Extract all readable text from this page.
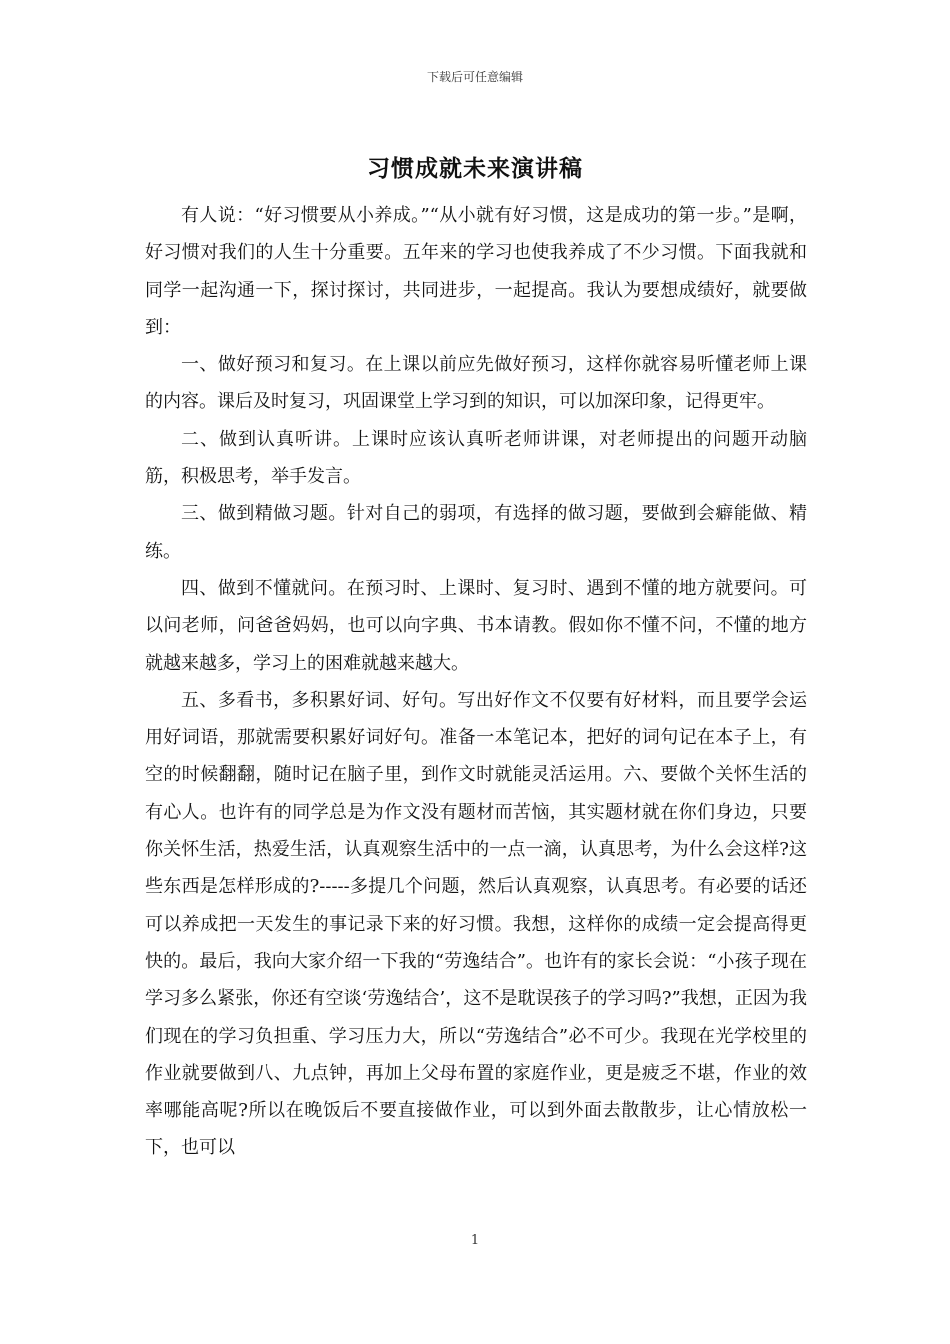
下载后可任意编辑
习惯成就未来演讲稿

有人说：“好习惯要从小养成。”“从小就有好习惯，这是成功的第一步。”是啊，好习惯对我们的人生十分重要。五年来的学习也使我养成了不少习惯。下面我就和同学一起沟通一下，探讨探讨，共同进步，一起提高。我认为要想成绩好，就要做到：

一、做好预习和复习。在上课以前应先做好预习，这样你就容易听懂老师上课的内容。课后及时复习，巩固课堂上学习到的知识，可以加深印象，记得更牢。

二、做到认真听讲。上课时应该认真听老师讲课，对老师提出的问题开动脑筋，积极思考，举手发言。

三、做到精做习题。针对自己的弱项，有选择的做习题，要做到会癖能做、精练。

四、做到不懂就问。在预习时、上课时、复习时、遇到不懂的地方就要问。可以问老师，问爸爸妈妈，也可以向字典、书本请教。假如你不懂不问，不懂的地方就越来越多，学习上的困难就越来越大。

五、多看书，多积累好词、好句。写出好作文不仅要有好材料，而且要学会运用好词语，那就需要积累好词好句。准备一本笔记本，把好的词句记在本子上，有空的时候翻翻，随时记在脑子里，到作文时就能灵活运用。六、要做个关怀生活的有心人。也许有的同学总是为作文没有题材而苦恼，其实题材就在你们身边，只要你关怀生活，热爱生活，认真观察生活中的一点一滴，认真思考，为什么会这样?这些东西是怎样形成的?-----多提几个问题，然后认真观察，认真思考。有必要的话还可以养成把一天发生的事记录下来的好习惯。我想，这样你的成绩一定会提高得更快的。最后，我向大家介绍一下我的“劳逸结合”。也许有的家长会说：“小孩子现在学习多么紧张，你还有空谈‘劳逸结合’，这不是耽误孩子的学习吗?”我想，正因为我们现在的学习负担重、学习压力大，所以“劳逸结合”必不可少。我现在光学校里的作业就要做到八、九点钟，再加上父母布置的家庭作业，更是疲乏不堪，作业的效率哪能高呢?所以在晚饭后不要直接做作业，可以到外面去散散步，让心情放松一下，也可以

1
